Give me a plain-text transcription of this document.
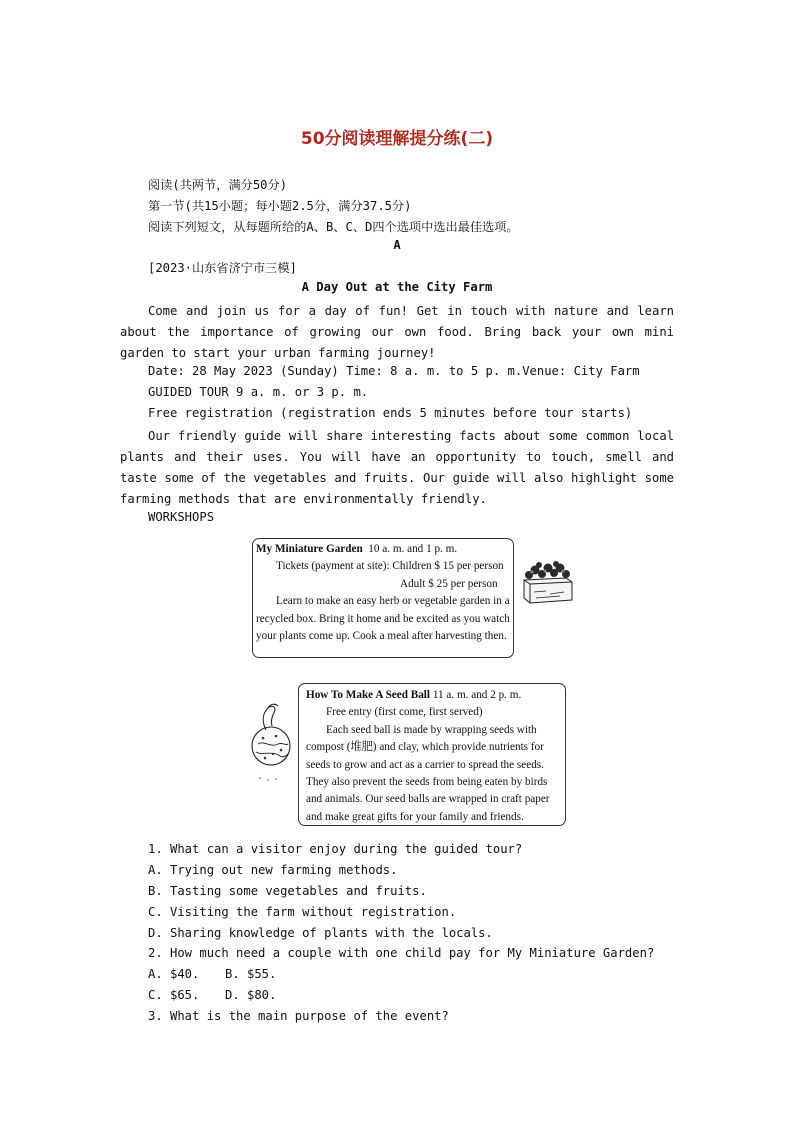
50分阅读理解提分练(二)
阅读(共两节，满分50分)
第一节(共15小题；每小题2.5分，满分37.5分)
阅读下列短文，从每题所给的A、B、C、D四个选项中选出最佳选项。
A
[2023·山东省济宁市三模]
A Day Out at the City Farm
Come and join us for a day of fun! Get in touch with nature and learn about the importance of growing our own food. Bring back your own mini garden to start your urban farming journey!
Date: 28 May 2023 (Sunday) Time: 8 a. m. to 5 p. m.Venue: City Farm
GUIDED TOUR 9 a. m. or 3 p. m.
Free registration (registration ends 5 minutes before tour starts)
Our friendly guide will share interesting facts about some common local plants and their uses. You will have an opportunity to touch, smell and taste some of the vegetables and fruits. Our guide will also highlight some farming methods that are environmentally friendly.
WORKSHOPS

My Miniature Garden 10 a. m. and 1 p. m.

Tickets (payment at site): Children $ 15 per person

Adult $ 25 per person

Learn to make an easy herb or vegetable garden in a recycled box. Bring it home and be excited as you watch your plants come up. Cook a meal after harvesting then.

How To Make A Seed Ball 11 a. m. and 2 p. m.

Free entry (first come, first served)

Each seed ball is made by wrapping seeds with compost (堆肥) and clay, which provide nutrients for seeds to grow and act as a carrier to spread the seeds. They also prevent the seeds from being eaten by birds and animals. Our seed balls are wrapped in craft paper and make great gifts for your family and friends.

1. What can a visitor enjoy during the guided tour?
A. Trying out new farming methods.
B. Tasting some vegetables and fruits.
C. Visiting the farm without registration.
D. Sharing knowledge of plants with the locals.
2. How much need a couple with one child pay for My Miniature Garden?
A. $40. B. $55.
C. $65. D. $80.
3. What is the main purpose of the event?
